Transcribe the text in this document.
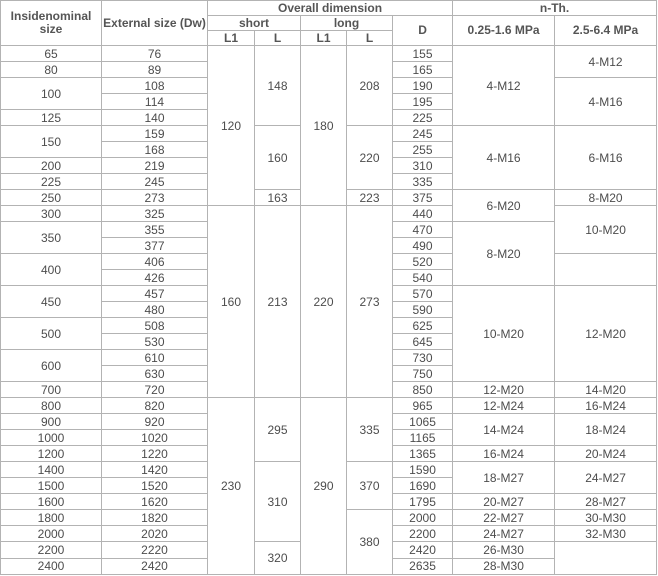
Insidenominal size	External size (Dw)	Overall dimension					n-Th.	
		short		long		D	0.25-1.6 MPa	2.5-6.4 MPa
		L1	L	L1	L			
65	76	120	148	180	208	155	4-M12	4-M12
80	89					165		
100	108					190		4-M16
	114					195		
125	140					225		
150	159		160		220	245	4-M16	6-M16
	168					255		
200	219					310		
225	245					335		
250	273		163		223	375	6-M20	8-M20
300	325	160	213	220	273	440		10-M20
350	355					470	8-M20	
	377					490		
400	406					520		
	426					540		
450	457					570	10-M20	12-M20
	480					590		
500	508					625		
	530					645		
600	610					730		
	630					750		
700	720					850	12-M20	14-M20
800	820	230	295	290	335	965	12-M24	16-M24
900	920					1065	14-M24	18-M24
1000	1020					1165		
1200	1220					1365	16-M24	20-M24
1400	1420		310		370	1590	18-M27	24-M27
1500	1520					1690		
1600	1620					1795	20-M27	28-M27
1800	1820				380	2000	22-M27	30-M30
2000	2020					2200	24-M27	32-M30
2200	2220		320			2420	26-M30	
2400	2420					2635	28-M30	
